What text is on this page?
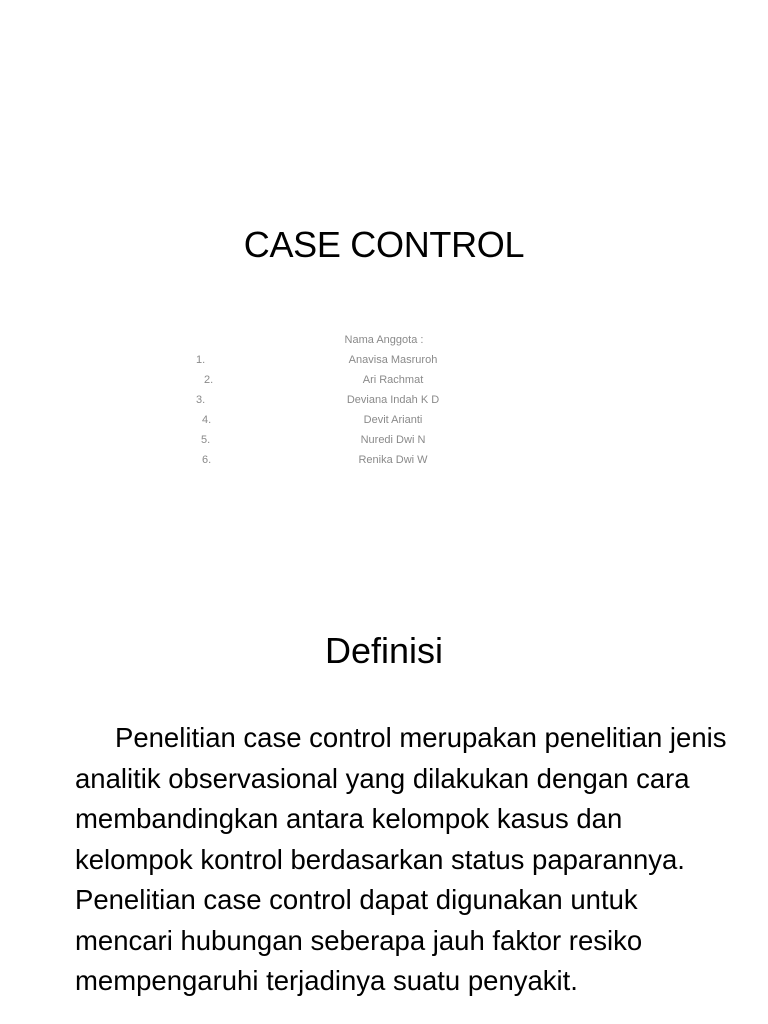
CASE CONTROL
Nama Anggota :
1.	Anavisa Masruroh
2.	Ari Rachmat
3.	Deviana Indah K D
4.	Devit Arianti
5.	Nuredi Dwi N
6.	Renika Dwi W
Definisi

Penelitian case control merupakan penelitian jenis analitik observasional yang dilakukan dengan cara membandingkan antara kelompok kasus dan kelompok kontrol berdasarkan status paparannya. Penelitian case control dapat digunakan untuk mencari hubungan seberapa jauh faktor resiko mempengaruhi terjadinya suatu penyakit.
